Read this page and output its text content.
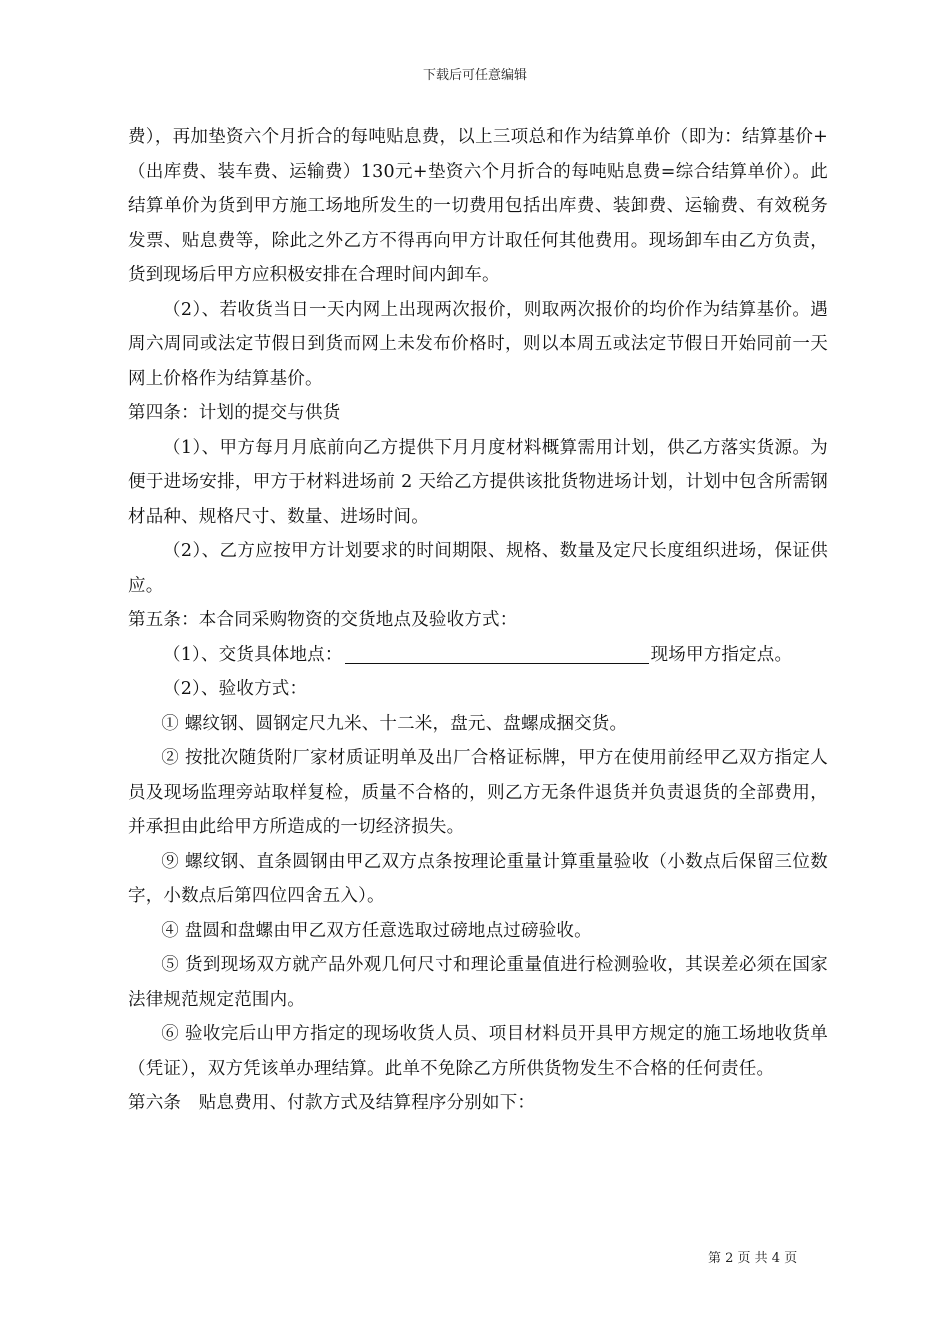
下载后可任意编辑

费），再加垫资六个月折合的每吨贴息费，以上三项总和作为结算单价（即为：结算基价+（出库费、装车费、运输费）130元+垫资六个月折合的每吨贴息费=综合结算单价）。此结算单价为货到甲方施工场地所发生的一切费用包括出库费、装卸费、运输费、有效税务发票、贴息费等，除此之外乙方不得再向甲方计取任何其他费用。现场卸车由乙方负责，货到现场后甲方应积极安排在合理时间内卸车。

（2）、若收货当日一天内网上出现两次报价，则取两次报价的均价作为结算基价。遇周六周同或法定节假日到货而网上未发布价格时，则以本周五或法定节假日开始同前一天网上价格作为结算基价。

第四条：计划的提交与供货

（1）、甲方每月月底前向乙方提供下月月度材料概算需用计划，供乙方落实货源。为便于进场安排，甲方于材料进场前 2 天给乙方提供该批货物进场计划，计划中包含所需钢材品种、规格尺寸、数量、进场时间。

（2）、乙方应按甲方计划要求的时间期限、规格、数量及定尺长度组织进场，保证供应。

第五条：本合同采购物资的交货地点及验收方式：

（1）、交货具体地点：	现场甲方指定点。

（2）、验收方式：

① 螺纹钢、圆钢定尺九米、十二米，盘元、盘螺成捆交货。

② 按批次随货附厂家材质证明单及出厂合格证标牌，甲方在使用前经甲乙双方指定人员及现场监理旁站取样复检，质量不合格的，则乙方无条件退货并负责退货的全部费用，并承担由此给甲方所造成的一切经济损失。

⑨ 螺纹钢、直条圆钢由甲乙双方点条按理论重量计算重量验收（小数点后保留三位数字，小数点后第四位四舍五入）。

④ 盘圆和盘螺由甲乙双方任意选取过磅地点过磅验收。

⑤ 货到现场双方就产品外观几何尺寸和理论重量值进行检测验收，其误差必须在国家法律规范规定范围内。

⑥ 验收完后山甲方指定的现场收货人员、项目材料员开具甲方规定的施工场地收货单（凭证），双方凭该单办理结算。此单不免除乙方所供货物发生不合格的任何责任。

第六条　贴息费用、付款方式及结算程序分别如下：

第 2 页 共 4 页
